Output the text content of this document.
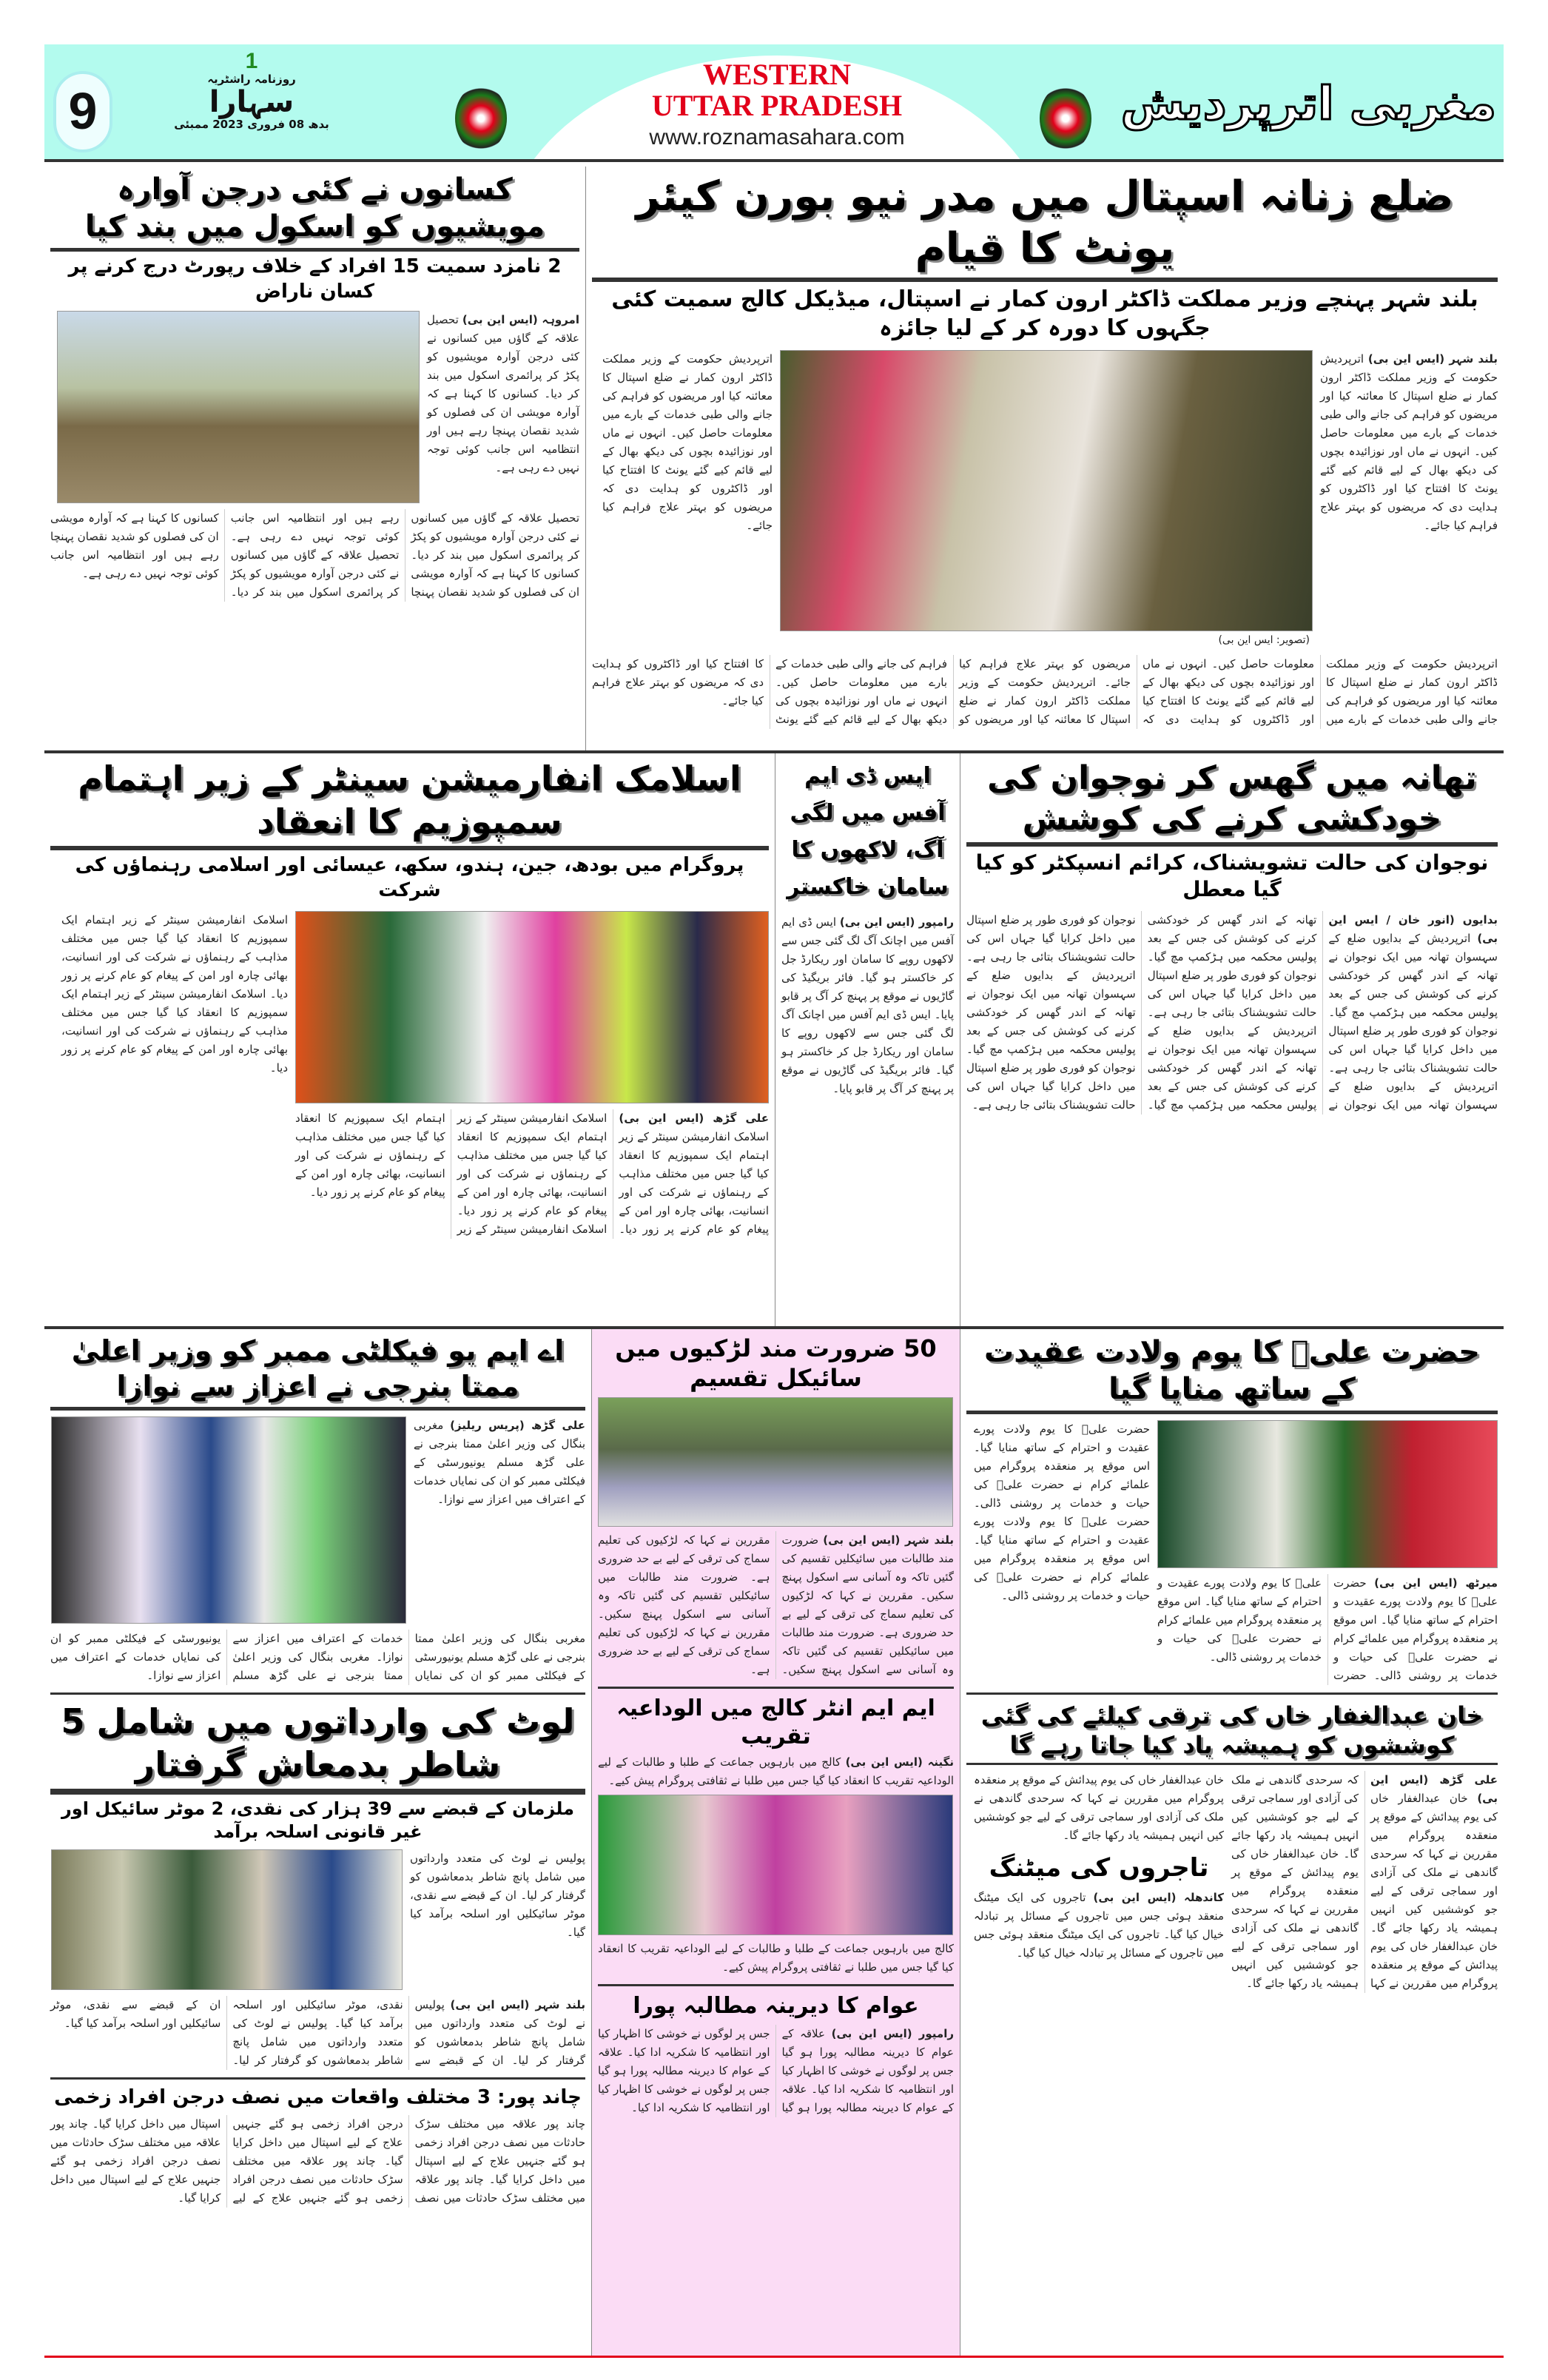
WESTERN
UTTAR PRADESH
www.roznamasahara.com
مغربی اترپردیش
9
1
روزنامہ راشٹریہ
سہارا
بدھ 08 فروری 2023 ممبئی
ضلع زنانہ اسپتال میں مدر نیو بورن کیئر یونٹ کا قیام
بلند شہر پہنچے وزیر مملکت ڈاکٹر ارون کمار نے اسپتال، میڈیکل کالج سمیت کئی جگہوں کا دورہ کر کے لیا جائزہ
بلند شہر (ایس این بی) اترپردیش حکومت کے وزیر مملکت ڈاکٹر ارون کمار نے ضلع اسپتال کا معائنہ کیا اور مریضوں کو فراہم کی جانے والی طبی خدمات کے بارے میں معلومات حاصل کیں۔ انہوں نے ماں اور نوزائیدہ بچوں کی دیکھ بھال کے لیے قائم کیے گئے یونٹ کا افتتاح کیا اور ڈاکٹروں کو ہدایت دی کہ مریضوں کو بہتر علاج فراہم کیا جائے۔
(تصویر: ایس این بی)
اترپردیش حکومت کے وزیر مملکت ڈاکٹر ارون کمار نے ضلع اسپتال کا معائنہ کیا اور مریضوں کو فراہم کی جانے والی طبی خدمات کے بارے میں معلومات حاصل کیں۔ انہوں نے ماں اور نوزائیدہ بچوں کی دیکھ بھال کے لیے قائم کیے گئے یونٹ کا افتتاح کیا اور ڈاکٹروں کو ہدایت دی کہ مریضوں کو بہتر علاج فراہم کیا جائے۔
اترپردیش حکومت کے وزیر مملکت ڈاکٹر ارون کمار نے ضلع اسپتال کا معائنہ کیا اور مریضوں کو فراہم کی جانے والی طبی خدمات کے بارے میں معلومات حاصل کیں۔ انہوں نے ماں اور نوزائیدہ بچوں کی دیکھ بھال کے لیے قائم کیے گئے یونٹ کا افتتاح کیا اور ڈاکٹروں کو ہدایت دی کہ مریضوں کو بہتر علاج فراہم کیا جائے۔ اترپردیش حکومت کے وزیر مملکت ڈاکٹر ارون کمار نے ضلع اسپتال کا معائنہ کیا اور مریضوں کو فراہم کی جانے والی طبی خدمات کے بارے میں معلومات حاصل کیں۔ انہوں نے ماں اور نوزائیدہ بچوں کی دیکھ بھال کے لیے قائم کیے گئے یونٹ کا افتتاح کیا اور ڈاکٹروں کو ہدایت دی کہ مریضوں کو بہتر علاج فراہم کیا جائے۔
کسانوں نے کئی درجن آوارہ مویشیوں کو اسکول میں بند کیا
2 نامزد سمیت 15 افراد کے خلاف رپورٹ درج کرنے پر کسان ناراض
امروہہ (ایس این بی) تحصیل علاقہ کے گاؤں میں کسانوں نے کئی درجن آوارہ مویشیوں کو پکڑ کر پرائمری اسکول میں بند کر دیا۔ کسانوں کا کہنا ہے کہ آوارہ مویشی ان کی فصلوں کو شدید نقصان پہنچا رہے ہیں اور انتظامیہ اس جانب کوئی توجہ نہیں دے رہی ہے۔
تحصیل علاقہ کے گاؤں میں کسانوں نے کئی درجن آوارہ مویشیوں کو پکڑ کر پرائمری اسکول میں بند کر دیا۔ کسانوں کا کہنا ہے کہ آوارہ مویشی ان کی فصلوں کو شدید نقصان پہنچا رہے ہیں اور انتظامیہ اس جانب کوئی توجہ نہیں دے رہی ہے۔ تحصیل علاقہ کے گاؤں میں کسانوں نے کئی درجن آوارہ مویشیوں کو پکڑ کر پرائمری اسکول میں بند کر دیا۔ کسانوں کا کہنا ہے کہ آوارہ مویشی ان کی فصلوں کو شدید نقصان پہنچا رہے ہیں اور انتظامیہ اس جانب کوئی توجہ نہیں دے رہی ہے۔
تھانہ میں گھس کر نوجوان کی خودکشی کرنے کی کوشش
نوجوان کی حالت تشویشناک، کرائم انسپکٹر کو کیا گیا معطل
بدایوں (انور خان / ایس این بی) اترپردیش کے بدایوں ضلع کے سہسوان تھانہ میں ایک نوجوان نے تھانہ کے اندر گھس کر خودکشی کرنے کی کوشش کی جس کے بعد پولیس محکمہ میں ہڑکمپ مچ گیا۔ نوجوان کو فوری طور پر ضلع اسپتال میں داخل کرایا گیا جہاں اس کی حالت تشویشناک بتائی جا رہی ہے۔ اترپردیش کے بدایوں ضلع کے سہسوان تھانہ میں ایک نوجوان نے تھانہ کے اندر گھس کر خودکشی کرنے کی کوشش کی جس کے بعد پولیس محکمہ میں ہڑکمپ مچ گیا۔ نوجوان کو فوری طور پر ضلع اسپتال میں داخل کرایا گیا جہاں اس کی حالت تشویشناک بتائی جا رہی ہے۔ اترپردیش کے بدایوں ضلع کے سہسوان تھانہ میں ایک نوجوان نے تھانہ کے اندر گھس کر خودکشی کرنے کی کوشش کی جس کے بعد پولیس محکمہ میں ہڑکمپ مچ گیا۔ نوجوان کو فوری طور پر ضلع اسپتال میں داخل کرایا گیا جہاں اس کی حالت تشویشناک بتائی جا رہی ہے۔ اترپردیش کے بدایوں ضلع کے سہسوان تھانہ میں ایک نوجوان نے تھانہ کے اندر گھس کر خودکشی کرنے کی کوشش کی جس کے بعد پولیس محکمہ میں ہڑکمپ مچ گیا۔ نوجوان کو فوری طور پر ضلع اسپتال میں داخل کرایا گیا جہاں اس کی حالت تشویشناک بتائی جا رہی ہے۔
ایس ڈی ایم آفس میں لگی آگ، لاکھوں کا سامان خاکستر
رامپور (ایس این بی) ایس ڈی ایم آفس میں اچانک آگ لگ گئی جس سے لاکھوں روپے کا سامان اور ریکارڈ جل کر خاکستر ہو گیا۔ فائر بریگیڈ کی گاڑیوں نے موقع پر پہنچ کر آگ پر قابو پایا۔ ایس ڈی ایم آفس میں اچانک آگ لگ گئی جس سے لاکھوں روپے کا سامان اور ریکارڈ جل کر خاکستر ہو گیا۔ فائر بریگیڈ کی گاڑیوں نے موقع پر پہنچ کر آگ پر قابو پایا۔
اسلامک انفارمیشن سینٹر کے زیر اہتمام سمپوزیم کا انعقاد
پروگرام میں بودھ، جین، ہندو، سکھ، عیسائی اور اسلامی رہنماؤں کی شرکت
علی گڑھ (ایس این بی) اسلامک انفارمیشن سینٹر کے زیر اہتمام ایک سمپوزیم کا انعقاد کیا گیا جس میں مختلف مذاہب کے رہنماؤں نے شرکت کی اور انسانیت، بھائی چارہ اور امن کے پیغام کو عام کرنے پر زور دیا۔ اسلامک انفارمیشن سینٹر کے زیر اہتمام ایک سمپوزیم کا انعقاد کیا گیا جس میں مختلف مذاہب کے رہنماؤں نے شرکت کی اور انسانیت، بھائی چارہ اور امن کے پیغام کو عام کرنے پر زور دیا۔ اسلامک انفارمیشن سینٹر کے زیر اہتمام ایک سمپوزیم کا انعقاد کیا گیا جس میں مختلف مذاہب کے رہنماؤں نے شرکت کی اور انسانیت، بھائی چارہ اور امن کے پیغام کو عام کرنے پر زور دیا۔
اسلامک انفارمیشن سینٹر کے زیر اہتمام ایک سمپوزیم کا انعقاد کیا گیا جس میں مختلف مذاہب کے رہنماؤں نے شرکت کی اور انسانیت، بھائی چارہ اور امن کے پیغام کو عام کرنے پر زور دیا۔ اسلامک انفارمیشن سینٹر کے زیر اہتمام ایک سمپوزیم کا انعقاد کیا گیا جس میں مختلف مذاہب کے رہنماؤں نے شرکت کی اور انسانیت، بھائی چارہ اور امن کے پیغام کو عام کرنے پر زور دیا۔
حضرت علیؓ کا یوم ولادت عقیدت کے ساتھ منایا گیا
میرٹھ (ایس این بی) حضرت علیؓ کا یوم ولادت پورے عقیدت و احترام کے ساتھ منایا گیا۔ اس موقع پر منعقدہ پروگرام میں علمائے کرام نے حضرت علیؓ کی حیات و خدمات پر روشنی ڈالی۔ حضرت علیؓ کا یوم ولادت پورے عقیدت و احترام کے ساتھ منایا گیا۔ اس موقع پر منعقدہ پروگرام میں علمائے کرام نے حضرت علیؓ کی حیات و خدمات پر روشنی ڈالی۔
حضرت علیؓ کا یوم ولادت پورے عقیدت و احترام کے ساتھ منایا گیا۔ اس موقع پر منعقدہ پروگرام میں علمائے کرام نے حضرت علیؓ کی حیات و خدمات پر روشنی ڈالی۔ حضرت علیؓ کا یوم ولادت پورے عقیدت و احترام کے ساتھ منایا گیا۔ اس موقع پر منعقدہ پروگرام میں علمائے کرام نے حضرت علیؓ کی حیات و خدمات پر روشنی ڈالی۔
خان عبدالغفار خاں کی ترقی کیلئے کی گئی کوششوں کو ہمیشہ یاد کیا جاتا رہے گا
علی گڑھ (ایس این بی) خان عبدالغفار خاں کی یوم پیدائش کے موقع پر منعقدہ پروگرام میں مقررین نے کہا کہ سرحدی گاندھی نے ملک کی آزادی اور سماجی ترقی کے لیے جو کوششیں کیں انہیں ہمیشہ یاد رکھا جائے گا۔ خان عبدالغفار خاں کی یوم پیدائش کے موقع پر منعقدہ پروگرام میں مقررین نے کہا کہ سرحدی گاندھی نے ملک کی آزادی اور سماجی ترقی کے لیے جو کوششیں کیں انہیں ہمیشہ یاد رکھا جائے گا۔ خان عبدالغفار خاں کی یوم پیدائش کے موقع پر منعقدہ پروگرام میں مقررین نے کہا کہ سرحدی گاندھی نے ملک کی آزادی اور سماجی ترقی کے لیے جو کوششیں کیں انہیں ہمیشہ یاد رکھا جائے گا۔
خان عبدالغفار خاں کی یوم پیدائش کے موقع پر منعقدہ پروگرام میں مقررین نے کہا کہ سرحدی گاندھی نے ملک کی آزادی اور سماجی ترقی کے لیے جو کوششیں کیں انہیں ہمیشہ یاد رکھا جائے گا۔
تاجروں کی میٹنگ
کاندھلہ (ایس این بی) تاجروں کی ایک میٹنگ منعقد ہوئی جس میں تاجروں کے مسائل پر تبادلہ خیال کیا گیا۔ تاجروں کی ایک میٹنگ منعقد ہوئی جس میں تاجروں کے مسائل پر تبادلہ خیال کیا گیا۔
50 ضرورت مند لڑکیوں میں سائیکل تقسیم
بلند شہر (ایس این بی) ضرورت مند طالبات میں سائیکلیں تقسیم کی گئیں تاکہ وہ آسانی سے اسکول پہنچ سکیں۔ مقررین نے کہا کہ لڑکیوں کی تعلیم سماج کی ترقی کے لیے بے حد ضروری ہے۔ ضرورت مند طالبات میں سائیکلیں تقسیم کی گئیں تاکہ وہ آسانی سے اسکول پہنچ سکیں۔ مقررین نے کہا کہ لڑکیوں کی تعلیم سماج کی ترقی کے لیے بے حد ضروری ہے۔ ضرورت مند طالبات میں سائیکلیں تقسیم کی گئیں تاکہ وہ آسانی سے اسکول پہنچ سکیں۔ مقررین نے کہا کہ لڑکیوں کی تعلیم سماج کی ترقی کے لیے بے حد ضروری ہے۔
ایم ایم انٹر کالج میں الوداعیہ تقریب
نگینہ (ایس این بی) کالج میں بارہویں جماعت کے طلبا و طالبات کے لیے الوداعیہ تقریب کا انعقاد کیا گیا جس میں طلبا نے ثقافتی پروگرام پیش کیے۔
کالج میں بارہویں جماعت کے طلبا و طالبات کے لیے الوداعیہ تقریب کا انعقاد کیا گیا جس میں طلبا نے ثقافتی پروگرام پیش کیے۔
عوام کا دیرینہ مطالبہ پورا
رامپور (ایس این بی) علاقہ کے عوام کا دیرینہ مطالبہ پورا ہو گیا جس پر لوگوں نے خوشی کا اظہار کیا اور انتظامیہ کا شکریہ ادا کیا۔ علاقہ کے عوام کا دیرینہ مطالبہ پورا ہو گیا جس پر لوگوں نے خوشی کا اظہار کیا اور انتظامیہ کا شکریہ ادا کیا۔ علاقہ کے عوام کا دیرینہ مطالبہ پورا ہو گیا جس پر لوگوں نے خوشی کا اظہار کیا اور انتظامیہ کا شکریہ ادا کیا۔
اے ایم یو فیکلٹی ممبر کو وزیر اعلیٰ ممتا بنرجی نے اعزاز سے نوازا
علی گڑھ (پریس ریلیز) مغربی بنگال کی وزیر اعلیٰ ممتا بنرجی نے علی گڑھ مسلم یونیورسٹی کے فیکلٹی ممبر کو ان کی نمایاں خدمات کے اعتراف میں اعزاز سے نوازا۔
مغربی بنگال کی وزیر اعلیٰ ممتا بنرجی نے علی گڑھ مسلم یونیورسٹی کے فیکلٹی ممبر کو ان کی نمایاں خدمات کے اعتراف میں اعزاز سے نوازا۔ مغربی بنگال کی وزیر اعلیٰ ممتا بنرجی نے علی گڑھ مسلم یونیورسٹی کے فیکلٹی ممبر کو ان کی نمایاں خدمات کے اعتراف میں اعزاز سے نوازا۔
لوٹ کی وارداتوں میں شامل 5 شاطر بدمعاش گرفتار
ملزمان کے قبضے سے 39 ہزار کی نقدی، 2 موٹر سائیکل اور غیر قانونی اسلحہ برآمد
پولیس نے لوٹ کی متعدد وارداتوں میں شامل پانچ شاطر بدمعاشوں کو گرفتار کر لیا۔ ان کے قبضے سے نقدی، موٹر سائیکلیں اور اسلحہ برآمد کیا گیا۔
بلند شہر (ایس این بی) پولیس نے لوٹ کی متعدد وارداتوں میں شامل پانچ شاطر بدمعاشوں کو گرفتار کر لیا۔ ان کے قبضے سے نقدی، موٹر سائیکلیں اور اسلحہ برآمد کیا گیا۔ پولیس نے لوٹ کی متعدد وارداتوں میں شامل پانچ شاطر بدمعاشوں کو گرفتار کر لیا۔ ان کے قبضے سے نقدی، موٹر سائیکلیں اور اسلحہ برآمد کیا گیا۔
چاند پور: 3 مختلف واقعات میں نصف درجن افراد زخمی
چاند پور علاقہ میں مختلف سڑک حادثات میں نصف درجن افراد زخمی ہو گئے جنہیں علاج کے لیے اسپتال میں داخل کرایا گیا۔ چاند پور علاقہ میں مختلف سڑک حادثات میں نصف درجن افراد زخمی ہو گئے جنہیں علاج کے لیے اسپتال میں داخل کرایا گیا۔ چاند پور علاقہ میں مختلف سڑک حادثات میں نصف درجن افراد زخمی ہو گئے جنہیں علاج کے لیے اسپتال میں داخل کرایا گیا۔ چاند پور علاقہ میں مختلف سڑک حادثات میں نصف درجن افراد زخمی ہو گئے جنہیں علاج کے لیے اسپتال میں داخل کرایا گیا۔
